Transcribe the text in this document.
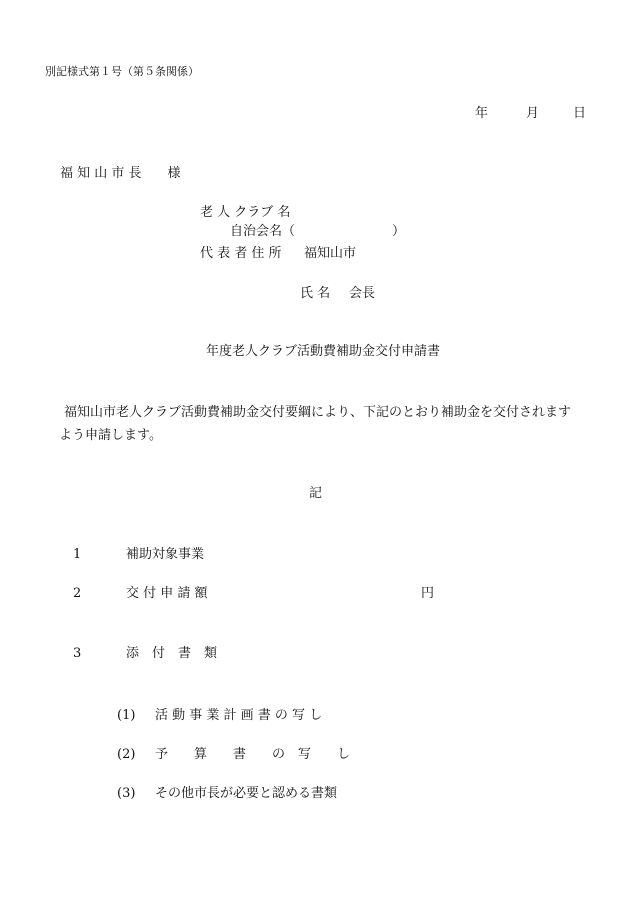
別記様式第１号（第５条関係）
年	月	日
福 知 山 市 長　　様
老 人 クラブ 名
自治会名（	）
代 表 者 住 所 福知山市
氏 名 会長
年度老人クラブ活動費補助金交付申請書
福知山市老人クラブ活動費補助金交付要綱により、下記のとおり補助金を交付されます
よう申請します。
記
1	補助対象事業
2	交 付 申 請 額	円
3	添　付　書　類
(1) 活 動 事 業 計 画 書 の 写 し
(2) 予　　算　　書　　の　写　　し
(3) その他市長が必要と認める書類
